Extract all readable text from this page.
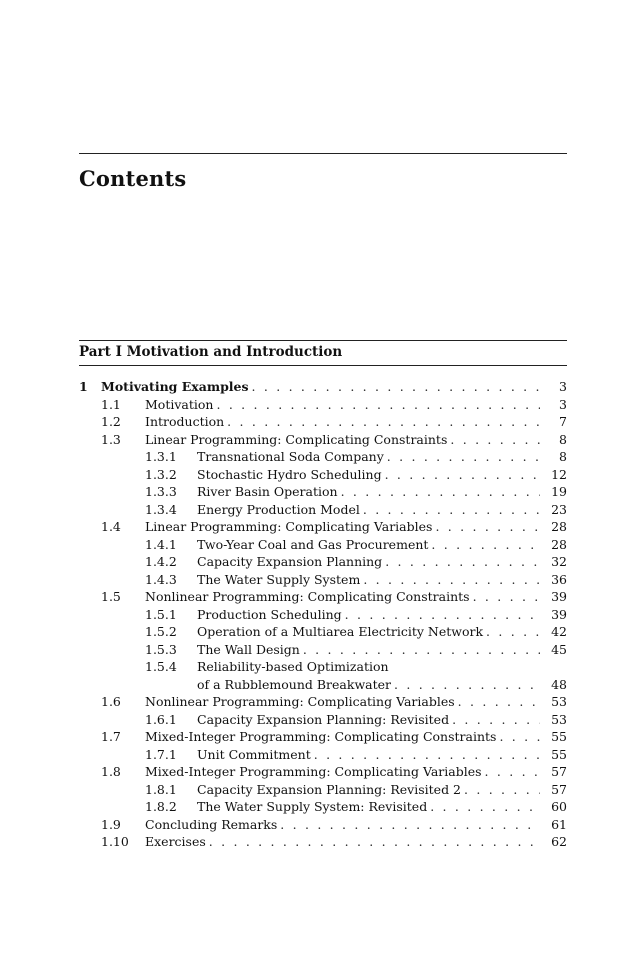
Contents
Part I Motivation and Introduction
1	Motivating Examples . . .	3
1.1	Motivation . . .	3
1.2	Introduction . . .	7
1.3	Linear Programming: Complicating Constraints . . .	8
1.3.1	Transnational Soda Company . . .	8
1.3.2	Stochastic Hydro Scheduling . . .	12
1.3.3	River Basin Operation . . .	19
1.3.4	Energy Production Model . . .	23
1.4	Linear Programming: Complicating Variables . . .	28
1.4.1	Two-Year Coal and Gas Procurement . . .	28
1.4.2	Capacity Expansion Planning . . .	32
1.4.3	The Water Supply System . . .	36
1.5	Nonlinear Programming: Complicating Constraints . . .	39
1.5.1	Production Scheduling . . .	39
1.5.2	Operation of a Multiarea Electricity Network . . .	42
1.5.3	The Wall Design . . .	45
1.5.4	Reliability-based Optimization
of a Rubblemound Breakwater . . .	48
1.6	Nonlinear Programming: Complicating Variables . . .	53
1.6.1	Capacity Expansion Planning: Revisited . . .	53
1.7	Mixed-Integer Programming: Complicating Constraints . . .	55
1.7.1	Unit Commitment . . .	55
1.8	Mixed-Integer Programming: Complicating Variables . . .	57
1.8.1	Capacity Expansion Planning: Revisited 2 . . .	57
1.8.2	The Water Supply System: Revisited . . .	60
1.9	Concluding Remarks . . .	61
1.10	Exercises . . .	62
